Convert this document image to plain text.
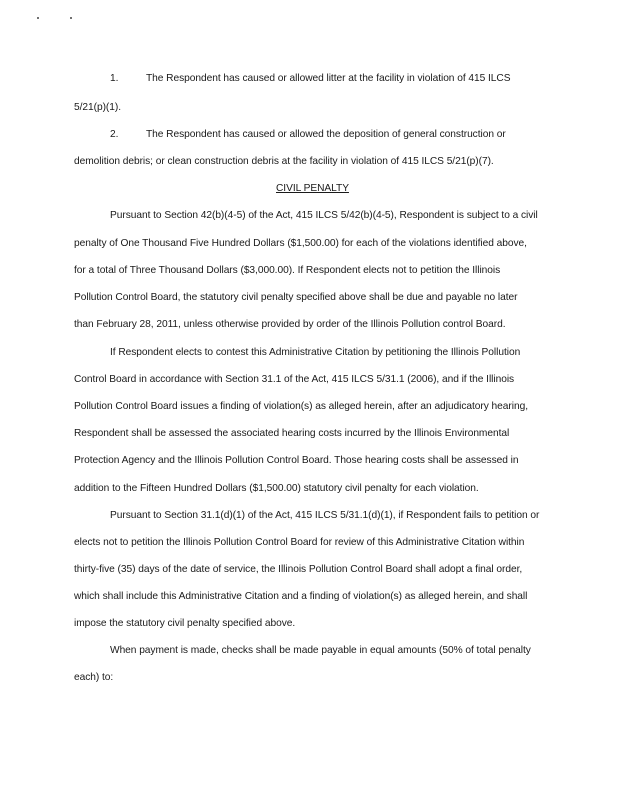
1.	The Respondent has caused or allowed litter at the facility in violation of 415 ILCS
5/21(p)(1).
2.	The Respondent has caused or allowed the deposition of general construction or
demolition debris; or clean construction debris at the facility in violation of 415 ILCS 5/21(p)(7).
CIVIL PENALTY
Pursuant to Section 42(b)(4-5) of the Act, 415 ILCS 5/42(b)(4-5), Respondent is subject to a civil
penalty of One Thousand Five Hundred Dollars ($1,500.00) for each of the violations identified above,
for a total of Three Thousand Dollars ($3,000.00). If Respondent elects not to petition the Illinois
Pollution Control Board, the statutory civil penalty specified above shall be due and payable no later
than February 28, 2011, unless otherwise provided by order of the Illinois Pollution control Board.
If Respondent elects to contest this Administrative Citation by petitioning the Illinois Pollution
Control Board in accordance with Section 31.1 of the Act, 415 ILCS 5/31.1 (2006), and if the Illinois
Pollution Control Board issues a finding of violation(s) as alleged herein, after an adjudicatory hearing,
Respondent shall be assessed the associated hearing costs incurred by the Illinois Environmental
Protection Agency and the Illinois Pollution Control Board. Those hearing costs shall be assessed in
addition to the Fifteen Hundred Dollars ($1,500.00) statutory civil penalty for each violation.
Pursuant to Section 31.1(d)(1) of the Act, 415 ILCS 5/31.1(d)(1), if Respondent fails to petition or
elects not to petition the Illinois Pollution Control Board for review of this Administrative Citation within
thirty-five (35) days of the date of service, the Illinois Pollution Control Board shall adopt a final order,
which shall include this Administrative Citation and a finding of violation(s) as alleged herein, and shall
impose the statutory civil penalty specified above.
When payment is made, checks shall be made payable in equal amounts (50% of total penalty
each) to:
